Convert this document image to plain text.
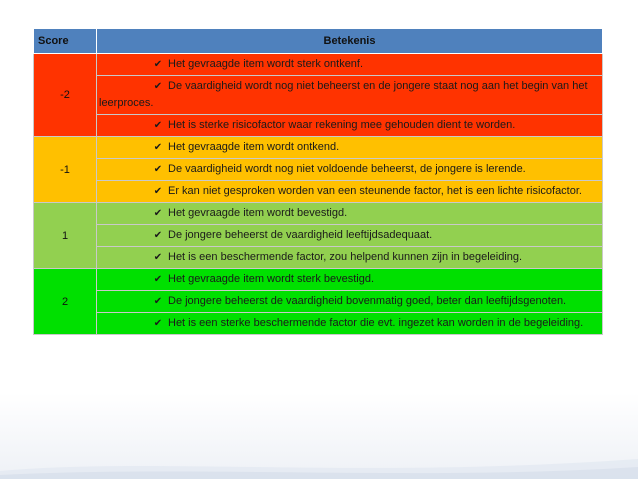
Score	Betekenis
-2	✔ Het gevraagde item wordt sterk ontkenf.

	✔ De vaardigheid wordt nog niet beheerst en de jongere staat nog aan het begin van het leerproces.

	✔ Het is sterke risicofactor waar rekening mee gehouden dient te worden.

-1	✔ Het gevraagde item wordt ontkend.

	✔ De vaardigheid wordt nog niet voldoende beheerst, de jongere is lerende.

	✔ Er kan niet gesproken worden van een steunende factor, het is een lichte risicofactor.

1	✔ Het gevraagde item wordt bevestigd.

	✔ De jongere beheerst de vaardigheid leeftijdsadequaat.

	✔ Het is een beschermende factor, zou helpend kunnen zijn in begeleiding.

2	✔ Het gevraagde item wordt sterk bevestigd.

	✔ De jongere beheerst de vaardigheid bovenmatig goed, beter dan leeftijdsgenoten.

	✔ Het is een sterke beschermende factor die evt. ingezet kan worden in de begeleiding.
